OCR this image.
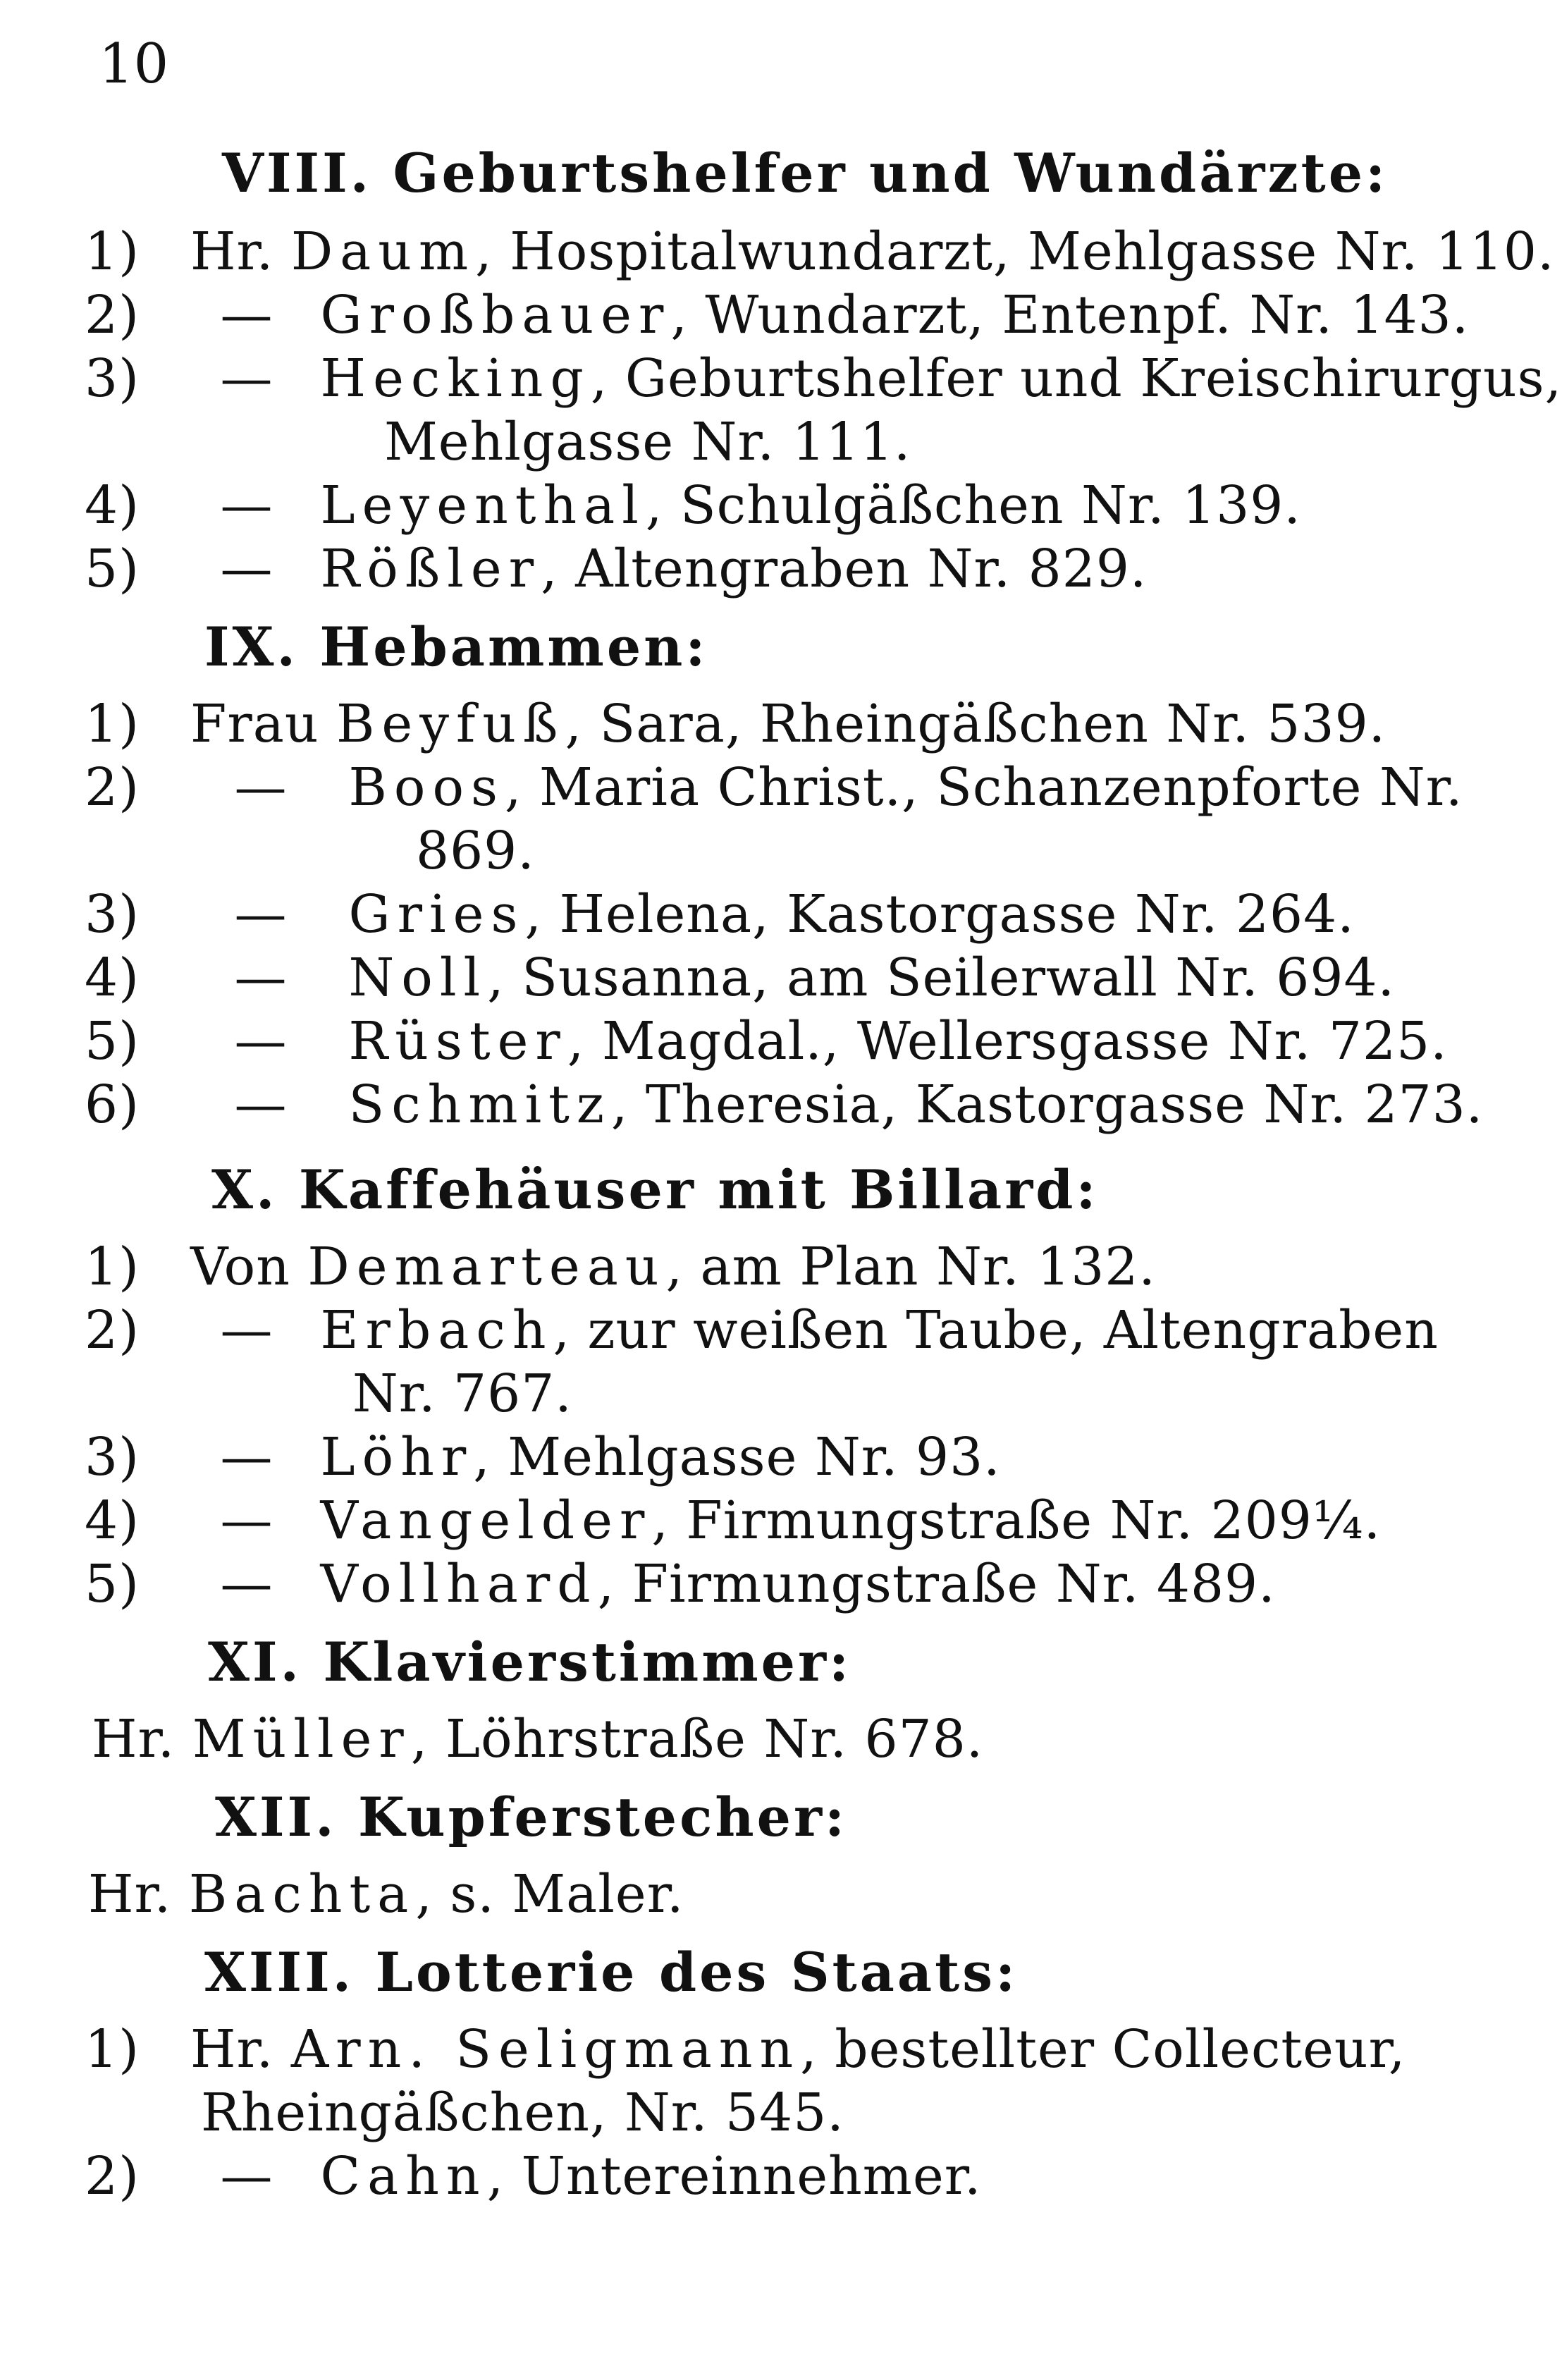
10
VIII. Geburtshelfer und Wundärzte:
1) Hr. Daum, Hospitalwundarzt, Mehlgasse Nr. 110.
2) — Großbauer, Wundarzt, Entenpf. Nr. 143.
3) — Hecking, Geburtshelfer und Kreischirurgus,
Mehlgasse Nr. 111.
4) — Leyenthal, Schulgäßchen Nr. 139.
5) — Rößler, Altengraben Nr. 829.
IX. Hebammen:
1) Frau Beyfuß, Sara, Rheingäßchen Nr. 539.
2) — Boos, Maria Christ., Schanzenpforte Nr.
869.
3) — Gries, Helena, Kastorgasse Nr. 264.
4) — Noll, Susanna, am Seilerwall Nr. 694.
5) — Rüster, Magdal., Wellersgasse Nr. 725.
6) — Schmitz, Theresia, Kastorgasse Nr. 273.
X. Kaffehäuser mit Billard:
1) Von Demarteau, am Plan Nr. 132.
2) — Erbach, zur weißen Taube, Altengraben
Nr. 767.
3) — Löhr, Mehlgasse Nr. 93.
4) — Vangelder, Firmungstraße Nr. 209¼.
5) — Vollhard, Firmungstraße Nr. 489.
XI. Klavierstimmer:
Hr. Müller, Löhrstraße Nr. 678.
XII. Kupferstecher:
Hr. Bachta, s. Maler.
XIII. Lotterie des Staats:
1) Hr. Arn. Seligmann, bestellter Collecteur,
Rheingäßchen, Nr. 545.
2) — Cahn, Untereinnehmer.
